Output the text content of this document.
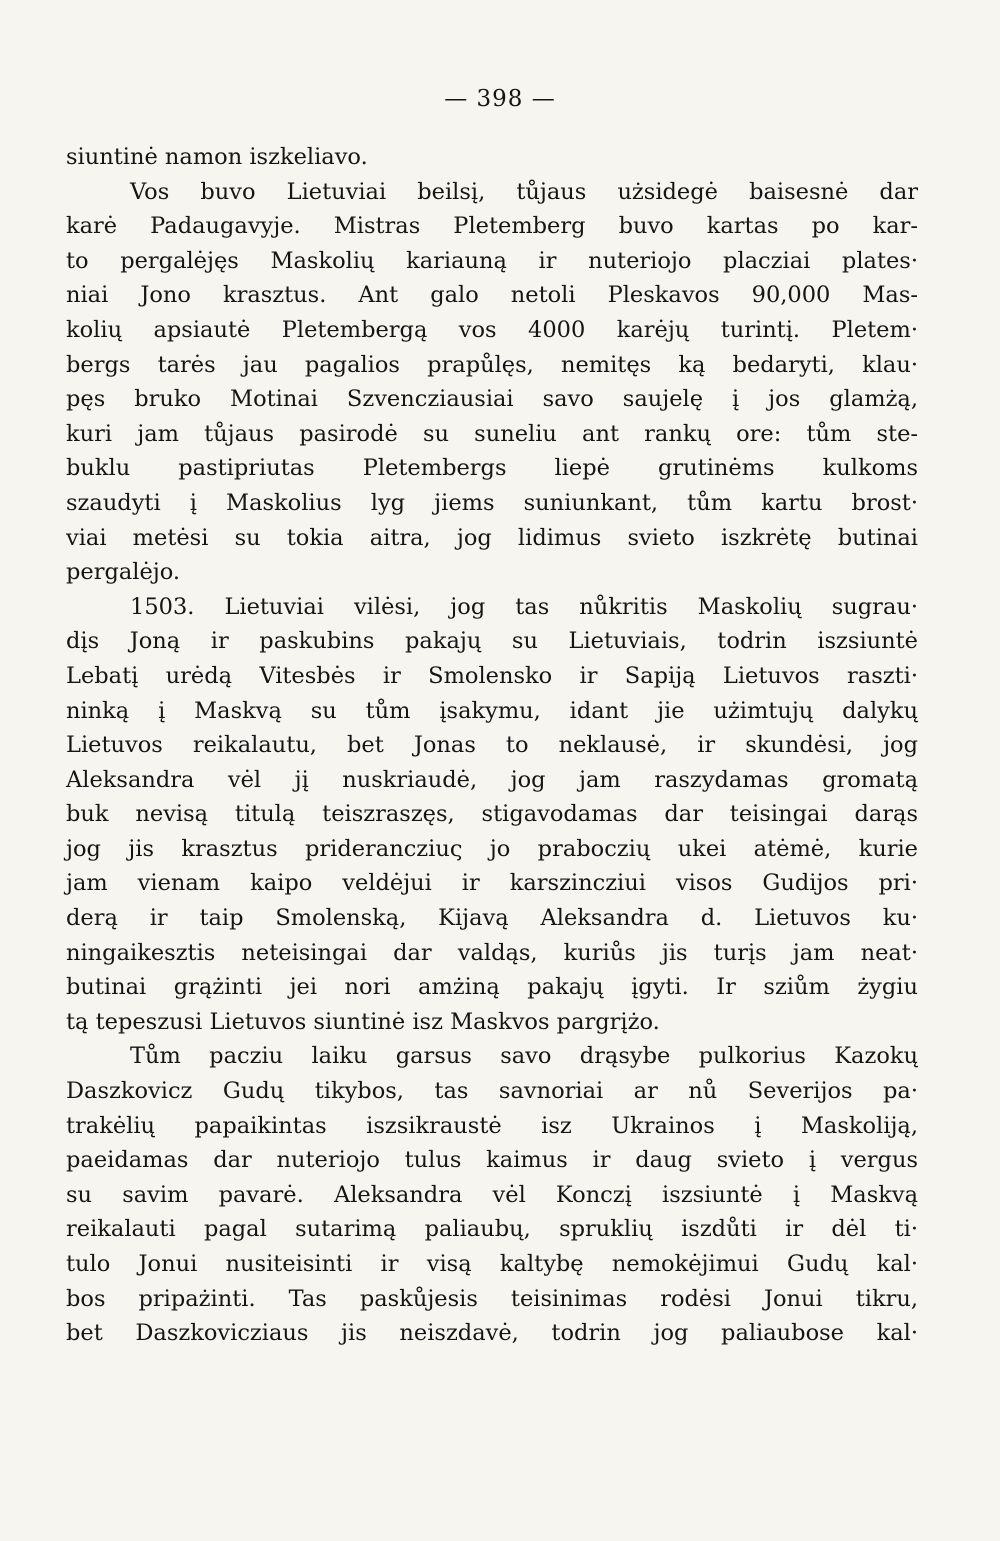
— 398 —
siuntinė namon iszkeliavo.
Vos buvo Lietuviai beilsį, tůjaus użsidegė baisesnė dar
karė Padaugavyje. Mistras Pletemberg buvo kartas po kar-
to pergalėjęs Maskolių kariauną ir nuteriojo placziai plates·
niai Jono krasztus. Ant galo netoli Pleskavos 90,000 Mas-
kolių apsiautė Pletembergą vos 4000 karėjų turintį. Pletem·
bergs tarės jau pagalios prapůlęs, nemitęs ką bedaryti, klau·
pęs bruko Motinai Szvencziausiai savo saujelę į jos glamżą,
kuri jam tůjaus pasirodė su suneliu ant rankų ore: tům ste-
buklu pastipriutas Pletembergs liepė grutinėms kulkoms
szaudyti į Maskolius lyg jiems suniunkant, tům kartu brost·
viai metėsi su tokia aitra, jog lidimus svieto iszkrėtę butinai
pergalėjo.
1503. Lietuviai vilėsi, jog tas nůkritis Maskolių sugrau·
dįs Joną ir paskubins pakajų su Lietuviais, todrin iszsiuntė
Lebatį urėdą Vitesbės ir Smolensko ir Sapiją Lietuvos raszti·
ninką į Maskvą su tům įsakymu, idant jie użimtujų dalykų
Lietuvos reikalautu, bet Jonas to neklausė, ir skundėsi, jog
Aleksandra vėl jį nuskriaudė, jog jam raszydamas gromatą
buk nevisą titulą teiszraszęs, stigavodamas dar teisingai darąs
jog jis krasztus priderancziuς jo praboczių ukei atėmė, kurie
jam vienam kaipo veldėjui ir karszincziui visos Gudijos pri·
derą ir taip Smolenską, Kijavą Aleksandra d. Lietuvos ku·
ningaikesztis neteisingai dar valdąs, kuriůs jis turįs jam neat·
butinai grążinti jei nori amżiną pakajų įgyti. Ir sziům żygiu
tą tepeszusi Lietuvos siuntinė isz Maskvos pargrįżo.
Tům pacziu laiku garsus savo drąsybe pulkorius Kazokų
Daszkovicz Gudų tikybos, tas savnoriai ar nů Severijos pa·
trakėlių papaikintas iszsikraustė isz Ukrainos į Maskoliją,
paeidamas dar nuteriojo tulus kaimus ir daug svieto į vergus
su savim pavarė. Aleksandra vėl Konczį iszsiuntė į Maskvą
reikalauti pagal sutarimą paliaubų, spruklių iszdůti ir dėl ti·
tulo Jonui nusiteisinti ir visą kaltybę nemokėjimui Gudų kal·
bos pripażinti. Tas paskůjesis teisinimas rodėsi Jonui tikru,
bet Daszkovicziaus jis neiszdavė, todrin jog paliaubose kal·
